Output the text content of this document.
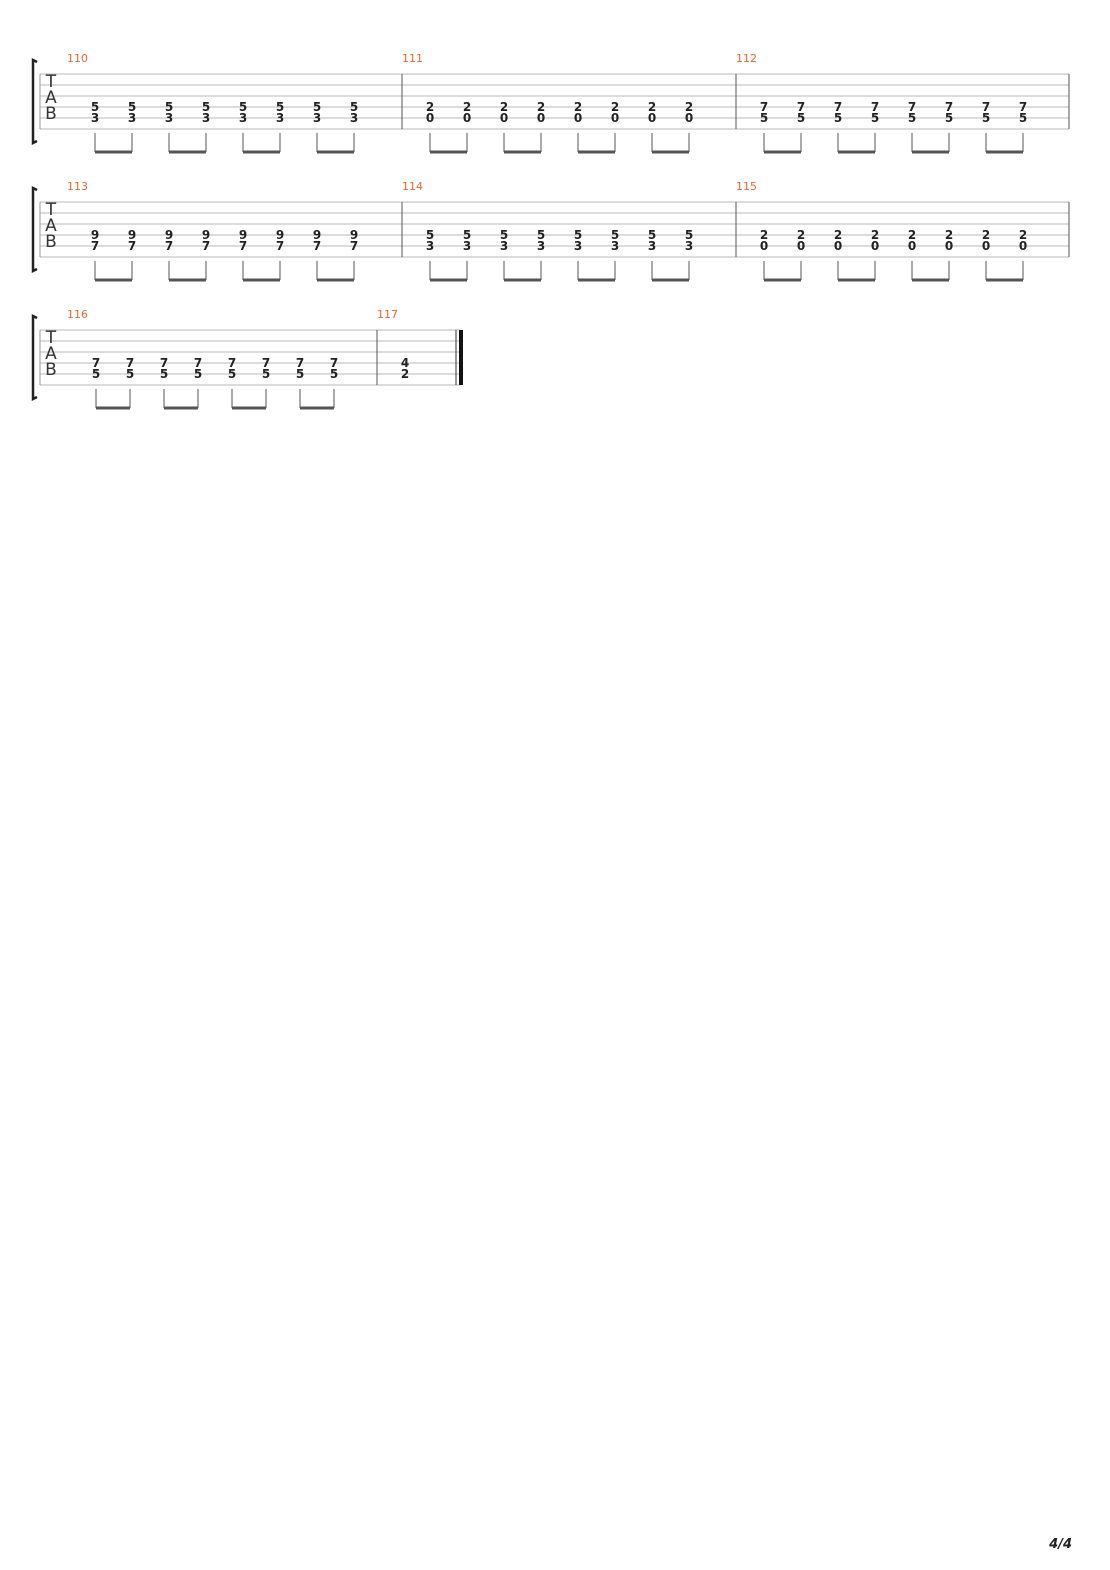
T
A
B
110
5
3
5
3
5
3
5
3
5
3
5
3
5
3
5
3
111
2
0
2
0
2
0
2
0
2
0
2
0
2
0
2
0
112
7
5
7
5
7
5
7
5
7
5
7
5
7
5
7
5
T
A
B
113
9
7
9
7
9
7
9
7
9
7
9
7
9
7
9
7
114
5
3
5
3
5
3
5
3
5
3
5
3
5
3
5
3
115
2
0
2
0
2
0
2
0
2
0
2
0
2
0
2
0
T
A
B
116
7
5
7
5
7
5
7
5
7
5
7
5
7
5
7
5
117
4
2
4/4
